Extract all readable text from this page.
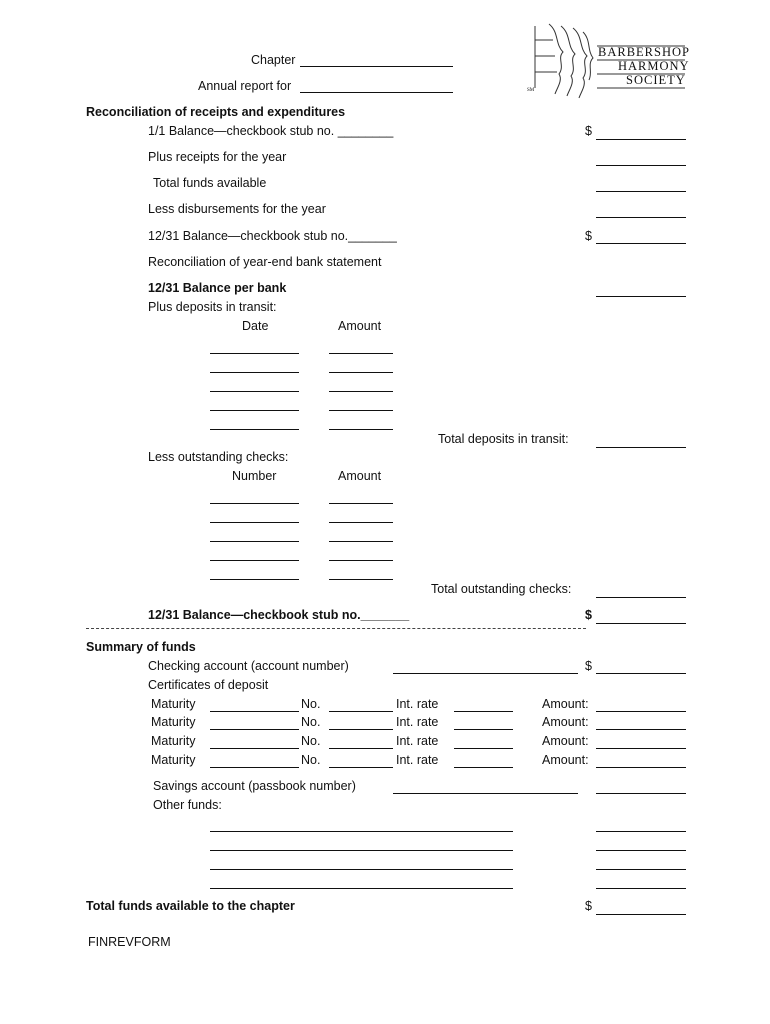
Chapter
Annual report for
BARBERSHOP
HARMONY
SOCIETY
SM
Reconciliation of receipts and expenditures
1/1 Balance—checkbook stub no. ________	$
Plus receipts for the year
Total funds available
Less disbursements for the year
12/31 Balance—checkbook stub no._______	$
Reconciliation of year-end bank statement
12/31 Balance per bank
Plus deposits in transit:
Date	Amount
Total deposits in transit:
Less outstanding checks:
Number	Amount
Total outstanding checks:
12/31 Balance—checkbook stub no._______	$
Summary of funds
Checking account (account number)	$
Certificates of deposit
Maturity	No.	Int. rate	Amount:
Maturity	No.	Int. rate	Amount:
Maturity	No.	Int. rate	Amount:
Maturity	No.	Int. rate	Amount:
Savings account (passbook number)
Other funds:
Total funds available to the chapter	$
FINREVFORM
